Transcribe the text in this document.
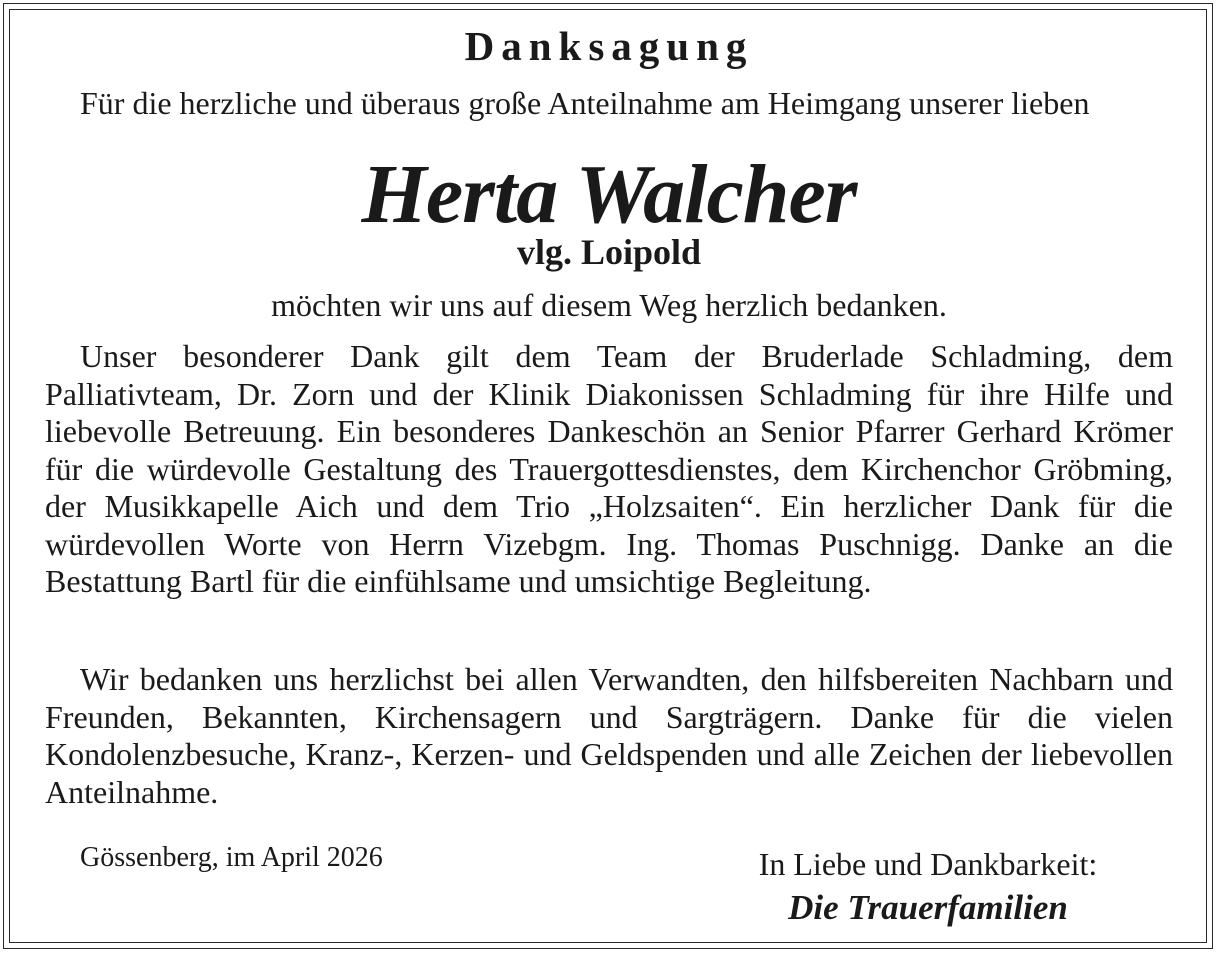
Danksagung
Für die herzliche und überaus große Anteilnahme am Heimgang unserer lieben
Herta Walcher
vlg. Loipold
möchten wir uns auf diesem Weg herzlich bedanken.
Unser besonderer Dank gilt dem Team der Bruderlade Schladming, dem Palliativteam, Dr. Zorn und der Klinik Diakonissen Schladming für ihre Hilfe und liebevolle Betreuung. Ein besonderes Dankeschön an Senior Pfarrer Gerhard Krömer für die würdevolle Gestaltung des Trauergottesdienstes, dem Kirchenchor Gröbming, der Musikkapelle Aich und dem Trio „Holzsaiten“. Ein herzlicher Dank für die würdevollen Worte von Herrn Vizebgm. Ing. Thomas Puschnigg. Danke an die Bestattung Bartl für die einfühlsame und umsichtige Begleitung.
Wir bedanken uns herzlichst bei allen Verwandten, den hilfsbereiten Nachbarn und Freunden, Bekannten, Kirchensagern und Sargträgern. Danke für die vielen Kondolenzbesuche, Kranz-, Kerzen- und Geldspenden und alle Zeichen der liebevollen Anteilnahme.
Gössenberg, im April 2026	In Liebe und Dankbarkeit:
Die Trauerfamilien
